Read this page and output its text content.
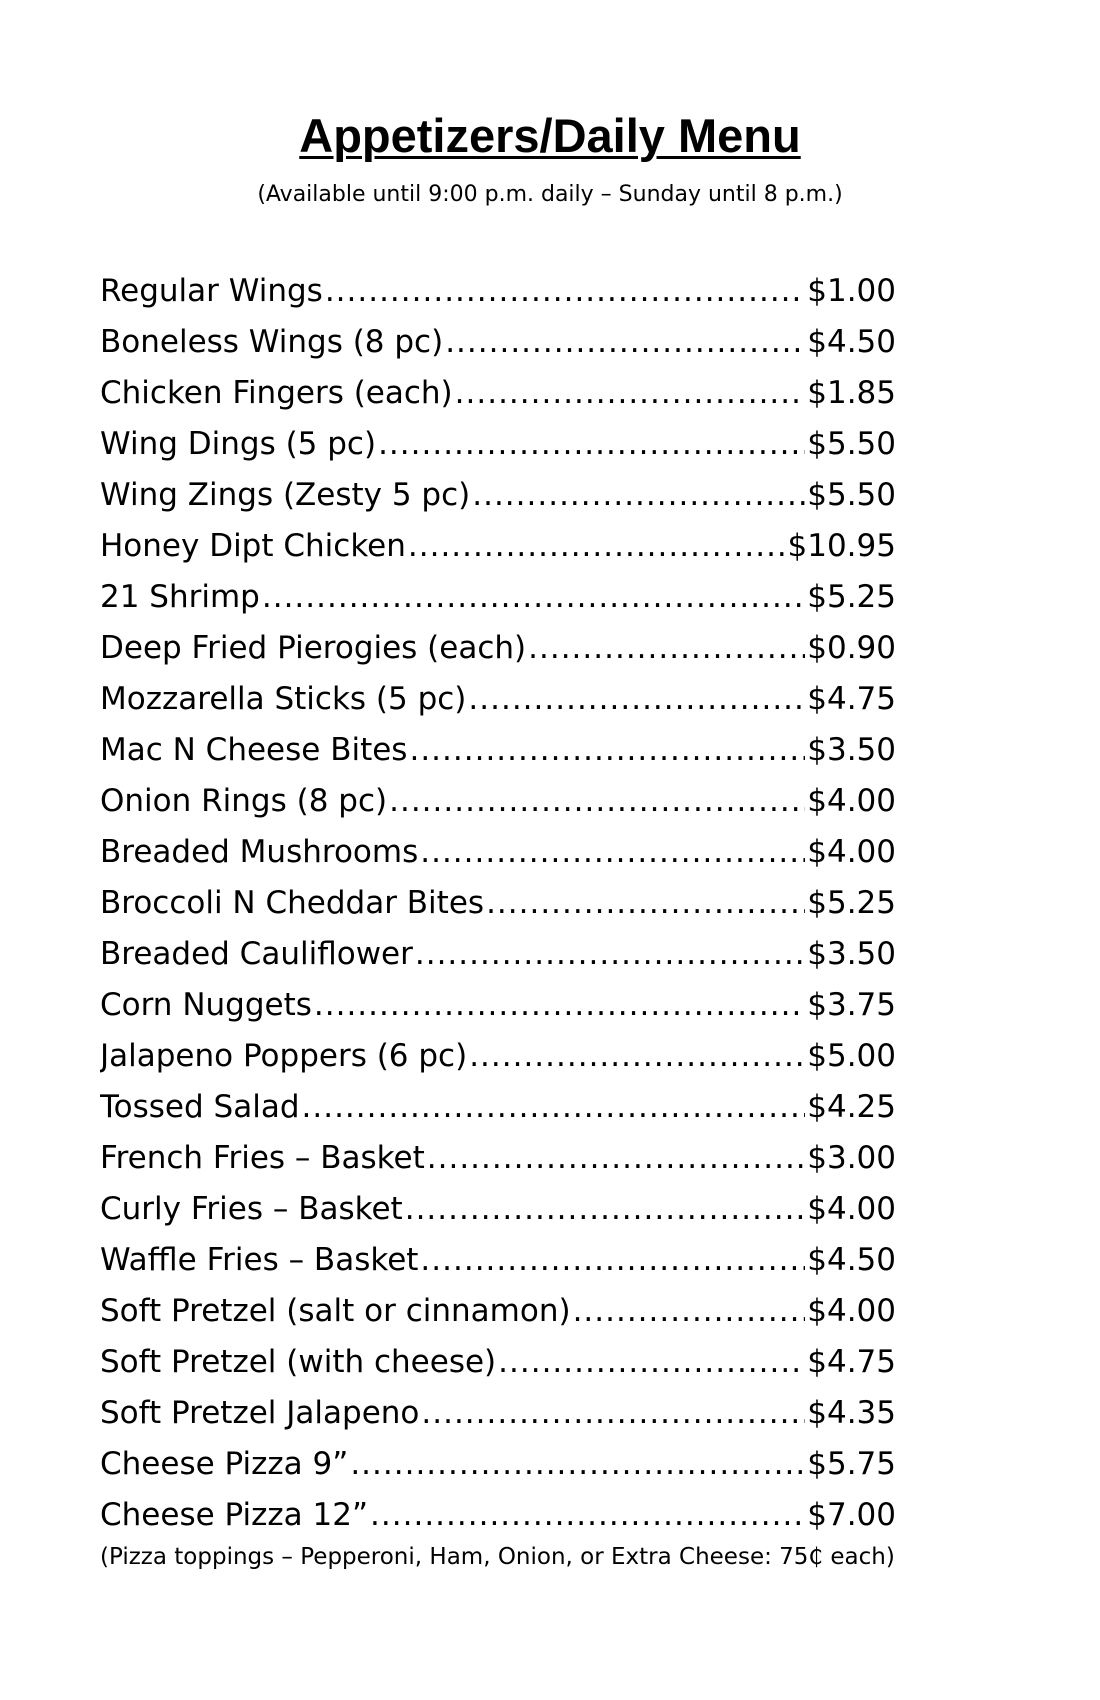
Appetizers/Daily Menu

(Available until 9:00 p.m. daily – Sunday until 8 p.m.)

Regular Wings .....	$1.00
Boneless Wings (8 pc) .....	$4.50
Chicken Fingers (each) .....	$1.85
Wing Dings (5 pc) .....	$5.50
Wing Zings (Zesty 5 pc) .....	$5.50
Honey Dipt Chicken .....	$10.95
21 Shrimp .....	$5.25
Deep Fried Pierogies (each) .....	$0.90
Mozzarella Sticks (5 pc) .....	$4.75
Mac N Cheese Bites .....	$3.50
Onion Rings (8 pc) .....	$4.00
Breaded Mushrooms .....	$4.00
Broccoli N Cheddar Bites .....	$5.25
Breaded Cauliflower .....	$3.50
Corn Nuggets .....	$3.75
Jalapeno Poppers (6 pc) .....	$5.00
Tossed Salad .....	$4.25
French Fries – Basket .....	$3.00
Curly Fries – Basket .....	$4.00
Waffle Fries – Basket .....	$4.50
Soft Pretzel (salt or cinnamon) .....	$4.00
Soft Pretzel (with cheese) .....	$4.75
Soft Pretzel Jalapeno .....	$4.35
Cheese Pizza 9” .....	$5.75
Cheese Pizza 12” .....	$7.00

(Pizza toppings – Pepperoni, Ham, Onion, or Extra Cheese: 75₵ each)
